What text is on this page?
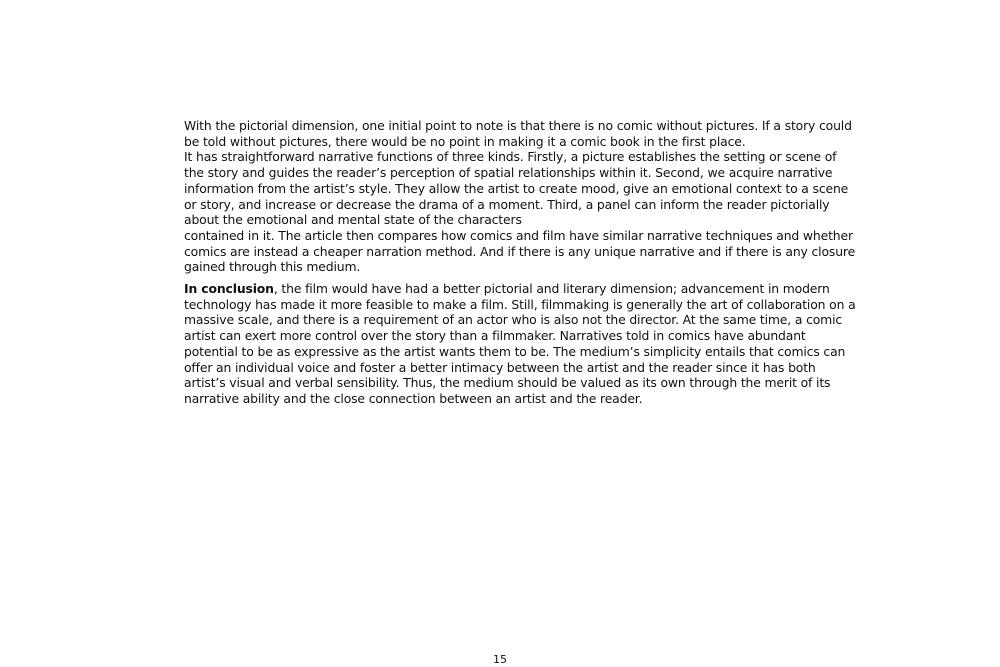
With the pictorial dimension, one initial point to note is that there is no comic without pictures. If a story could be told without pictures, there would be no point in making it a comic book in the first place.

It has straightforward narrative functions of three kinds. Firstly, a picture establishes the setting or scene of the story and guides the reader’s perception of spatial relationships within it. Second, we acquire narrative information from the artist’s style. They allow the artist to create mood, give an emotional context to a scene or story, and increase or decrease the drama of a moment. Third, a panel can inform the reader pictorially about the emotional and mental state of the characters

contained in it. The article then compares how comics and film have similar narrative techniques and whether comics are instead a cheaper narration method. And if there is any unique narrative and if there is any closure gained through this medium.

In conclusion, the film would have had a better pictorial and literary dimension; advancement in modern technology has made it more feasible to make a film. Still, filmmaking is generally the art of collaboration on a massive scale, and there is a requirement of an actor who is also not the director. At the same time, a comic artist can exert more control over the story than a filmmaker. Narratives told in comics have abundant potential to be as expressive as the artist wants them to be. The medium’s simplicity entails that comics can offer an individual voice and foster a better intimacy between the artist and the reader since it has both artist’s visual and verbal sensibility. Thus, the medium should be valued as its own through the merit of its narrative ability and the close connection between an artist and the reader.

15
